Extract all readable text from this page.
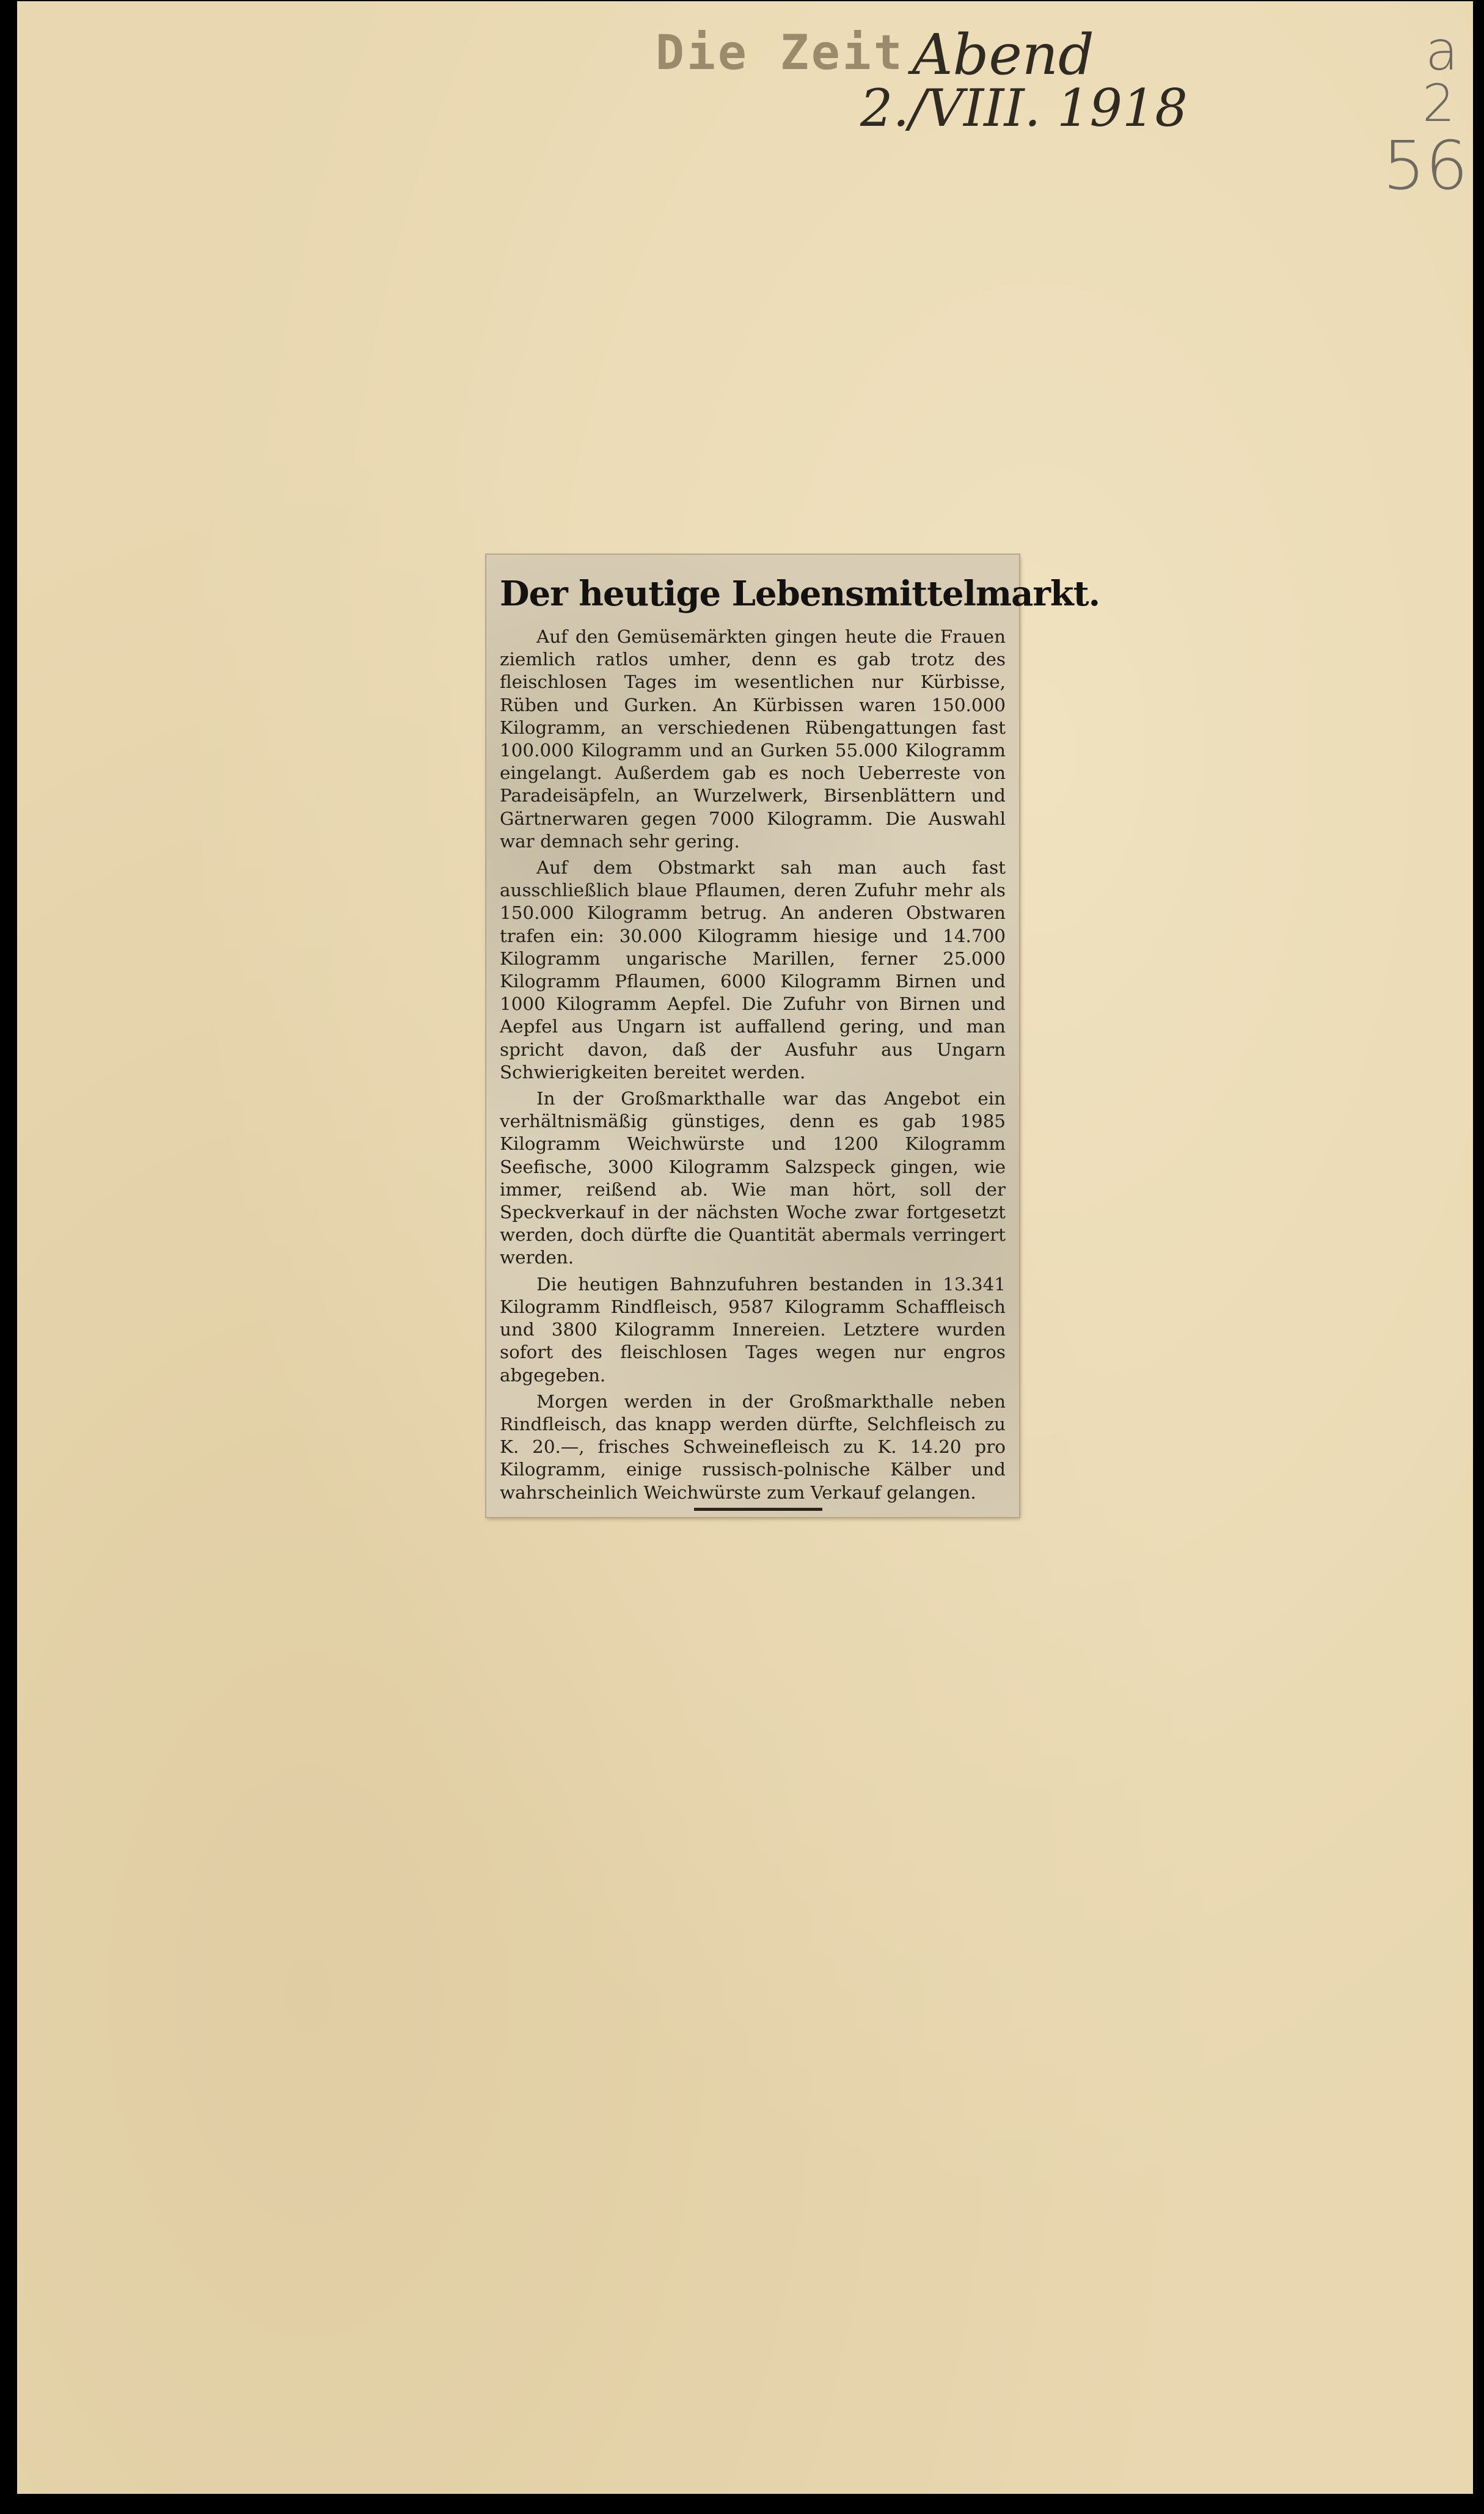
Die Zeit Abend
2./VIII. 1918
a
2
56
Der heutige Lebensmittelmarkt.

Auf den Gemüsemärkten gingen heute die Frauen ziemlich ratlos umher, denn es gab trotz des fleischlosen Tages im wesentlichen nur Kürbisse, Rüben und Gurken. An Kürbissen waren 150.000 Kilogramm, an verschiedenen Rübengattungen fast 100.000 Kilogramm und an Gurken 55.000 Kilogramm eingelangt. Außerdem gab es noch Ueberreste von Paradeisäpfeln, an Wurzelwerk, Birsenblättern und Gärtnerwaren gegen 7000 Kilogramm. Die Auswahl war demnach sehr gering.

Auf dem Obstmarkt sah man auch fast ausschließlich blaue Pflaumen, deren Zufuhr mehr als 150.000 Kilogramm betrug. An anderen Obstwaren trafen ein: 30.000 Kilogramm hiesige und 14.700 Kilogramm ungarische Marillen, ferner 25.000 Kilogramm Pflaumen, 6000 Kilogramm Birnen und 1000 Kilogramm Aepfel. Die Zufuhr von Birnen und Aepfel aus Ungarn ist auffallend gering, und man spricht davon, daß der Ausfuhr aus Ungarn Schwierigkeiten bereitet werden.

In der Großmarkthalle war das Angebot ein verhältnismäßig günstiges, denn es gab 1985 Kilogramm Weichwürste und 1200 Kilogramm Seefische, 3000 Kilogramm Salzspeck gingen, wie immer, reißend ab. Wie man hört, soll der Speckverkauf in der nächsten Woche zwar fortgesetzt werden, doch dürfte die Quantität abermals verringert werden.

Die heutigen Bahnzufuhren bestanden in 13.341 Kilogramm Rindfleisch, 9587 Kilogramm Schaffleisch und 3800 Kilogramm Innereien. Letztere wurden sofort des fleischlosen Tages wegen nur engros abgegeben.

Morgen werden in der Großmarkthalle neben Rindfleisch, das knapp werden dürfte, Selchfleisch zu K. 20.—, frisches Schweinefleisch zu K. 14.20 pro Kilogramm, einige russisch-polnische Kälber und wahrscheinlich Weichwürste zum Verkauf gelangen.
